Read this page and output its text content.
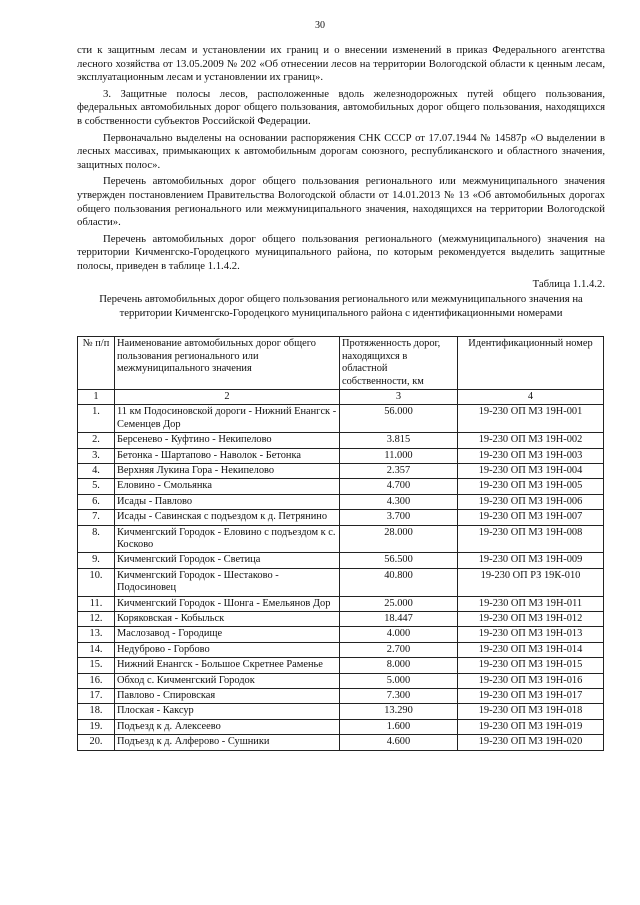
30

сти к защитным лесам и установлении их границ и о внесении изменений в приказ Федерального агентства лесного хозяйства от 13.05.2009 № 202 «Об отнесении лесов на территории Вологодской области к ценным лесам, эксплуатационным лесам и установлении их границ».

3. Защитные полосы лесов, расположенные вдоль железнодорожных путей общего пользования, федеральных автомобильных дорог общего пользования, автомобильных дорог общего пользования, находящихся в собственности субъектов Российской Федерации.

Первоначально выделены на основании распоряжения СНК СССР от 17.07.1944 № 14587р «О выделении в лесных массивах, примыкающих к автомобильным дорогам союзного, республиканского и областного значения, защитных полос».

Перечень автомобильных дорог общего пользования регионального или межмуниципального значения утвержден постановлением Правительства Вологодской области от 14.01.2013 № 13 «Об автомобильных дорогах общего пользования регионального или межмуниципального значения, находящихся на территории Вологодской области».

Перечень автомобильных дорог общего пользования регионального (межмуниципального) значения на территории Кичменгско-Городецкого муниципального района, по которым рекомендуется выделить защитные полосы, приведен в таблице 1.1.4.2.

Таблица 1.1.4.2.
Перечень автомобильных дорог общего пользования регионального или межмуниципального значения на территории Кичменгско-Городецкого муниципального района с идентификационными номерами
№ п/п	Наименование автомобильных дорог общего пользования регионального или межмуниципального значения	Протяженность дорог, находящихся в областной собственности, км	Идентификационный номер
1	2	3	4
1.	11 км Подосиновской дороги - Нижний Енангск - Семенцев Дор	56.000	19-230 ОП МЗ 19Н-001
2.	Берсенево - Куфтино - Некипелово	3.815	19-230 ОП МЗ 19Н-002
3.	Бетонка - Шартапово - Наволок - Бетонка	11.000	19-230 ОП МЗ 19Н-003
4.	Верхняя Лукина Гора - Некипелово	2.357	19-230 ОП МЗ 19Н-004
5.	Еловино - Смольянка	4.700	19-230 ОП МЗ 19Н-005
6.	Исады - Павлово	4.300	19-230 ОП МЗ 19Н-006
7.	Исады - Савинская с подъездом к д. Петрянино	3.700	19-230 ОП МЗ 19Н-007
8.	Кичменгский Городок - Еловино с подъездом к с. Косково	28.000	19-230 ОП МЗ 19Н-008
9.	Кичменгский Городок - Светица	56.500	19-230 ОП МЗ 19Н-009
10.	Кичменгский Городок - Шестаково - Подосиновец	40.800	19-230 ОП РЗ 19К-010
11.	Кичменгский Городок - Шонга - Емельянов Дор	25.000	19-230 ОП МЗ 19Н-011
12.	Коряковская - Кобыльск	18.447	19-230 ОП МЗ 19Н-012
13.	Маслозавод - Городище	4.000	19-230 ОП МЗ 19Н-013
14.	Недуброво - Горбово	2.700	19-230 ОП МЗ 19Н-014
15.	Нижний Енангск - Большое Скретнее Раменье	8.000	19-230 ОП МЗ 19Н-015
16.	Обход с. Кичменгский Городок	5.000	19-230 ОП МЗ 19Н-016
17.	Павлово - Спировская	7.300	19-230 ОП МЗ 19Н-017
18.	Плоская - Каксур	13.290	19-230 ОП МЗ 19Н-018
19.	Подъезд к д. Алексеево	1.600	19-230 ОП МЗ 19Н-019
20.	Подъезд к д. Алферово - Сушники	4.600	19-230 ОП МЗ 19Н-020
